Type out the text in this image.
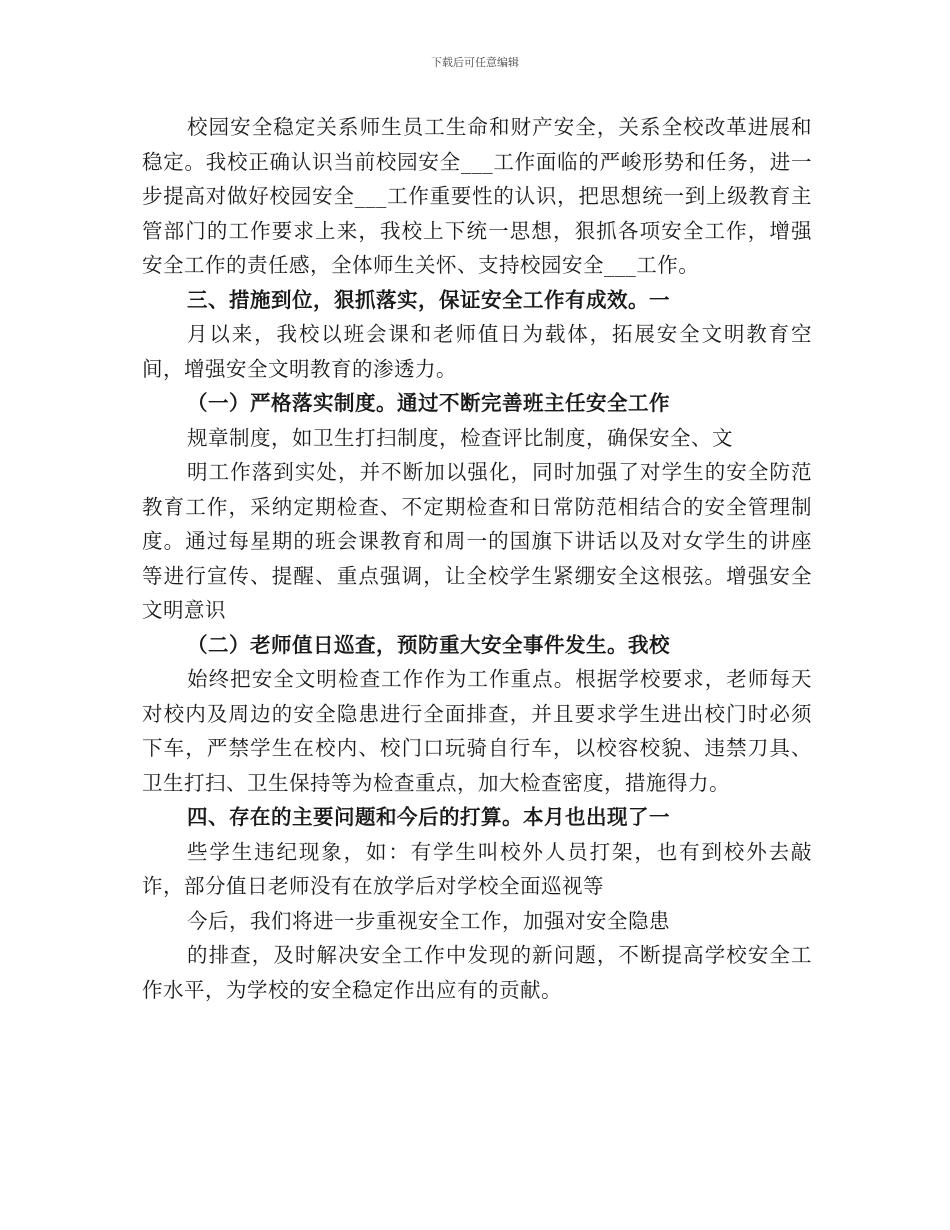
下载后可任意编辑

校园安全稳定关系师生员工生命和财产安全，关系全校改革进展和稳定。我校正确认识当前校园安全___工作面临的严峻形势和任务，进一步提高对做好校园安全___工作重要性的认识，把思想统一到上级教育主管部门的工作要求上来，我校上下统一思想，狠抓各项安全工作，增强安全工作的责任感，全体师生关怀、支持校园安全___工作。

三、措施到位，狠抓落实，保证安全工作有成效。一

月以来，我校以班会课和老师值日为载体，拓展安全文明教育空间，增强安全文明教育的渗透力。

（一）严格落实制度。通过不断完善班主任安全工作

规章制度，如卫生打扫制度，检查评比制度，确保安全、文

明工作落到实处，并不断加以强化，同时加强了对学生的安全防范教育工作，采纳定期检查、不定期检查和日常防范相结合的安全管理制度。通过每星期的班会课教育和周一的国旗下讲话以及对女学生的讲座等进行宣传、提醒、重点强调，让全校学生紧绷安全这根弦。增强安全文明意识

（二）老师值日巡查，预防重大安全事件发生。我校

始终把安全文明检查工作作为工作重点。根据学校要求，老师每天对校内及周边的安全隐患进行全面排查，并且要求学生进出校门时必须下车，严禁学生在校内、校门口玩骑自行车，以校容校貌、违禁刀具、卫生打扫、卫生保持等为检查重点，加大检查密度，措施得力。

四、存在的主要问题和今后的打算。本月也出现了一

些学生违纪现象，如：有学生叫校外人员打架，也有到校外去敲诈，部分值日老师没有在放学后对学校全面巡视等

今后，我们将进一步重视安全工作，加强对安全隐患

的排查，及时解决安全工作中发现的新问题，不断提高学校安全工作水平，为学校的安全稳定作出应有的贡献。
